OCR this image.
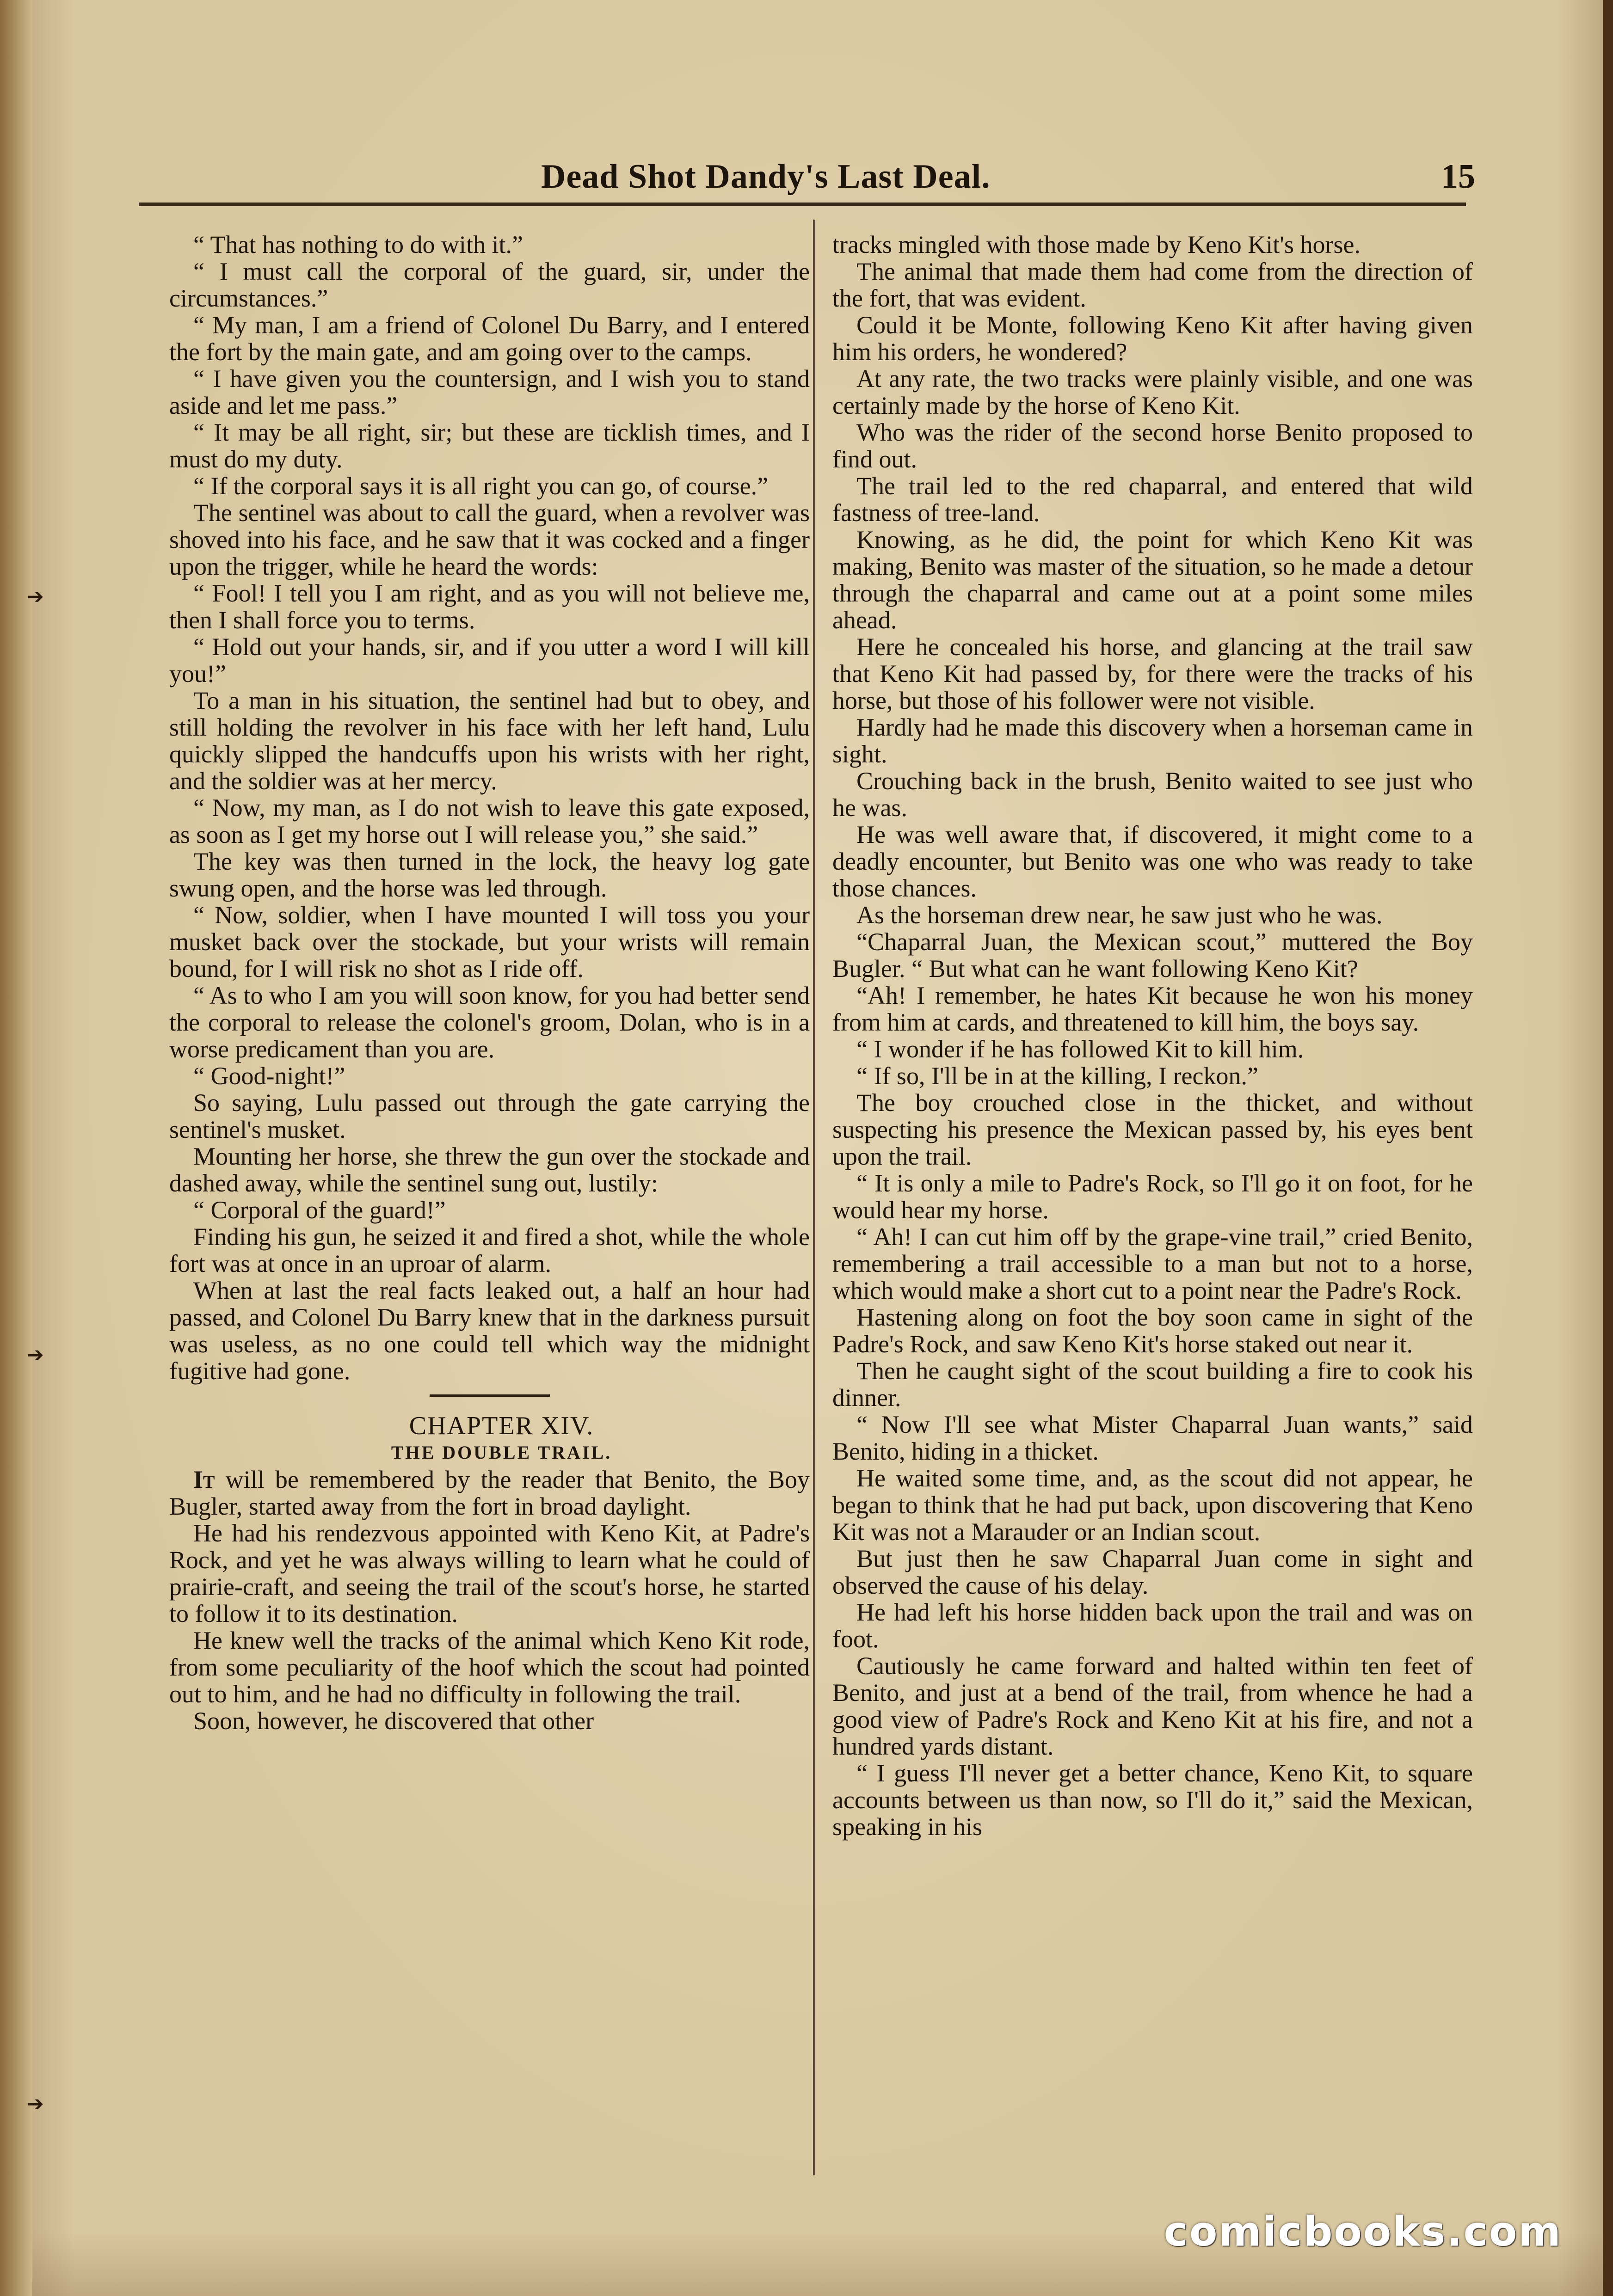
➔
➔
➔
Dead Shot Dandy's Last Deal.	15

“ That has nothing to do with it.”

“ I must call the corporal of the guard, sir, under the circumstances.”

“ My man, I am a friend of Colonel Du Barry, and I entered the fort by the main gate, and am going over to the camps.

“ I have given you the countersign, and I wish you to stand aside and let me pass.”

“ It may be all right, sir; but these are ticklish times, and I must do my duty.

“ If the corporal says it is all right you can go, of course.”

The sentinel was about to call the guard, when a revolver was shoved into his face, and he saw that it was cocked and a finger upon the trigger, while he heard the words:

“ Fool! I tell you I am right, and as you will not believe me, then I shall force you to terms.

“ Hold out your hands, sir, and if you utter a word I will kill you!”

To a man in his situation, the sentinel had but to obey, and still holding the revolver in his face with her left hand, Lulu quickly slipped the handcuffs upon his wrists with her right, and the soldier was at her mercy.

“ Now, my man, as I do not wish to leave this gate exposed, as soon as I get my horse out I will release you,” she said.”

The key was then turned in the lock, the heavy log gate swung open, and the horse was led through.

“ Now, soldier, when I have mounted I will toss you your musket back over the stockade, but your wrists will remain bound, for I will risk no shot as I ride off.

“ As to who I am you will soon know, for you had better send the corporal to release the colonel's groom, Dolan, who is in a worse predicament than you are.

“ Good-night!”

So saying, Lulu passed out through the gate carrying the sentinel's musket.

Mounting her horse, she threw the gun over the stockade and dashed away, while the sentinel sung out, lustily:

“ Corporal of the guard!”

Finding his gun, he seized it and fired a shot, while the whole fort was at once in an uproar of alarm.

When at last the real facts leaked out, a half an hour had passed, and Colonel Du Barry knew that in the darkness pursuit was useless, as no one could tell which way the midnight fugitive had gone.

CHAPTER XIV.

THE DOUBLE TRAIL.

It will be remembered by the reader that Benito, the Boy Bugler, started away from the fort in broad daylight.

He had his rendezvous appointed with Keno Kit, at Padre's Rock, and yet he was always willing to learn what he could of prairie-craft, and seeing the trail of the scout's horse, he started to follow it to its destination.

He knew well the tracks of the animal which Keno Kit rode, from some peculiarity of the hoof which the scout had pointed out to him, and he had no difficulty in following the trail.

Soon, however, he discovered that other

tracks mingled with those made by Keno Kit's horse.

The animal that made them had come from the direction of the fort, that was evident.

Could it be Monte, following Keno Kit after having given him his orders, he wondered?

At any rate, the two tracks were plainly visible, and one was certainly made by the horse of Keno Kit.

Who was the rider of the second horse Benito proposed to find out.

The trail led to the red chaparral, and entered that wild fastness of tree-land.

Knowing, as he did, the point for which Keno Kit was making, Benito was master of the situation, so he made a detour through the chaparral and came out at a point some miles ahead.

Here he concealed his horse, and glancing at the trail saw that Keno Kit had passed by, for there were the tracks of his horse, but those of his follower were not visible.

Hardly had he made this discovery when a horseman came in sight.

Crouching back in the brush, Benito waited to see just who he was.

He was well aware that, if discovered, it might come to a deadly encounter, but Benito was one who was ready to take those chances.

As the horseman drew near, he saw just who he was.

“Chaparral Juan, the Mexican scout,” muttered the Boy Bugler. “ But what can he want following Keno Kit?

“Ah! I remember, he hates Kit because he won his money from him at cards, and threatened to kill him, the boys say.

“ I wonder if he has followed Kit to kill him.

“ If so, I'll be in at the killing, I reckon.”

The boy crouched close in the thicket, and without suspecting his presence the Mexican passed by, his eyes bent upon the trail.

“ It is only a mile to Padre's Rock, so I'll go it on foot, for he would hear my horse.

“ Ah! I can cut him off by the grape-vine trail,” cried Benito, remembering a trail accessible to a man but not to a horse, which would make a short cut to a point near the Padre's Rock.

Hastening along on foot the boy soon came in sight of the Padre's Rock, and saw Keno Kit's horse staked out near it.

Then he caught sight of the scout building a fire to cook his dinner.

“ Now I'll see what Mister Chaparral Juan wants,” said Benito, hiding in a thicket.

He waited some time, and, as the scout did not appear, he began to think that he had put back, upon discovering that Keno Kit was not a Marauder or an Indian scout.

But just then he saw Chaparral Juan come in sight and observed the cause of his delay.

He had left his horse hidden back upon the trail and was on foot.

Cautiously he came forward and halted within ten feet of Benito, and just at a bend of the trail, from whence he had a good view of Padre's Rock and Keno Kit at his fire, and not a hundred yards distant.

“ I guess I'll never get a better chance, Keno Kit, to square accounts between us than now, so I'll do it,” said the Mexican, speaking in his

comicbooks.com
